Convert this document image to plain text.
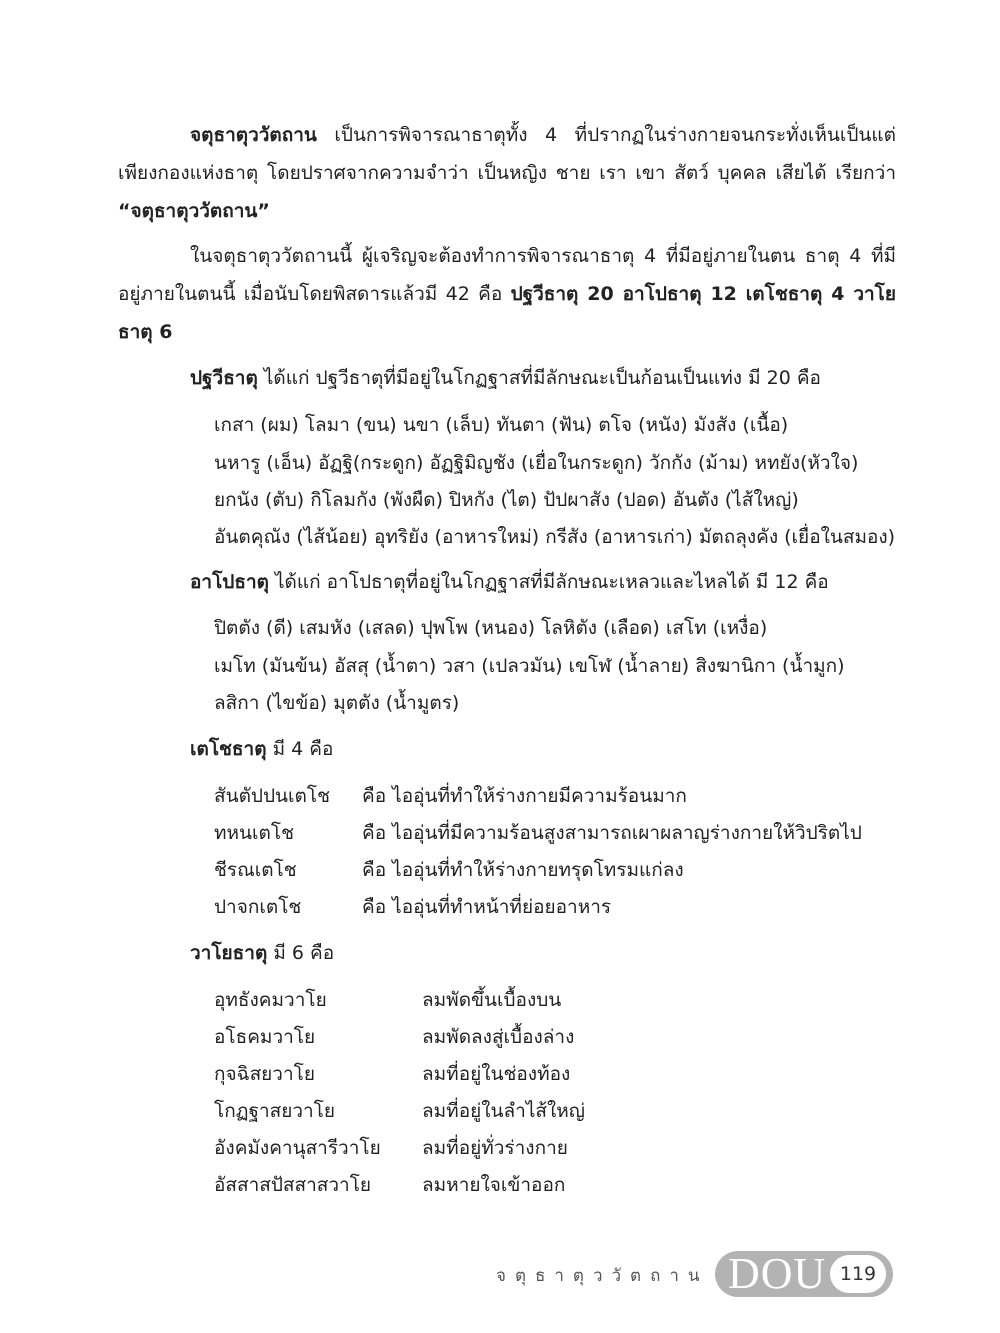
จตุธาตุววัตถาน เป็นการพิจารณาธาตุทั้ง 4 ที่ปรากฏในร่างกายจนกระทั่งเห็นเป็นแต่เพียงกองแห่งธาตุ โดยปราศจากความจำว่า เป็นหญิง ชาย เรา เขา สัตว์ บุคคล เสียได้ เรียกว่า “จตุธาตุววัตถาน”

ในจตุธาตุววัตถานนี้ ผู้เจริญจะต้องทำการพิจารณาธาตุ 4 ที่มีอยู่ภายในตน ธาตุ 4 ที่มีอยู่ภายในตนนี้ เมื่อนับโดยพิสดารแล้วมี 42 คือ ปฐวีธาตุ 20 อาโปธาตุ 12 เตโชธาตุ 4 วาโยธาตุ 6

ปฐวีธาตุ ได้แก่ ปฐวีธาตุที่มีอยู่ในโกฏฐาสที่มีลักษณะเป็นก้อนเป็นแท่ง มี 20 คือ
เกสา (ผม) โลมา (ขน) นขา (เล็บ) ทันตา (ฟัน) ตโจ (หนัง) มังสัง (เนื้อ)
นหารู (เอ็น) อัฏฐิ(กระดูก) อัฏฐิมิญชัง (เยื่อในกระดูก) วักกัง (ม้าม) หทยัง(หัวใจ)
ยกนัง (ตับ) กิโลมกัง (พังผืด) ปิหกัง (ไต) ปัปผาสัง (ปอด) อันตัง (ไส้ใหญ่)
อันตคุณัง (ไส้น้อย) อุทริยัง (อาหารใหม่) กรีสัง (อาหารเก่า) มัตถลุงคัง (เยื่อในสมอง)
อาโปธาตุ ได้แก่ อาโปธาตุที่อยู่ในโกฏฐาสที่มีลักษณะเหลวและไหลได้ มี 12 คือ
ปิตตัง (ดี) เสมหัง (เสลด) ปุพโพ (หนอง) โลหิตัง (เลือด) เสโท (เหงื่อ)
เมโท (มันข้น) อัสสุ (น้ำตา) วสา (เปลวมัน) เขโฬ (น้ำลาย) สิงฆานิกา (น้ำมูก)
ลสิกา (ไขข้อ) มุตตัง (น้ำมูตร)
เตโชธาตุ มี 4 คือ
สันตัปปนเตโช คือ ไออุ่นที่ทำให้ร่างกายมีความร้อนมาก
ทหนเตโช	คือ ไออุ่นที่มีความร้อนสูงสามารถเผาผลาญร่างกายให้วิปริตไป
ชีรณเตโช	คือ ไออุ่นที่ทำให้ร่างกายทรุดโทรมแก่ลง
ปาจกเตโช	คือ ไออุ่นที่ทำหน้าที่ย่อยอาหาร
วาโยธาตุ มี 6 คือ
อุทธังคมวาโย	ลมพัดขึ้นเบื้องบน
อโธคมวาโย	ลมพัดลงสู่เบื้องล่าง
กุจฉิสยวาโย	ลมที่อยู่ในช่องท้อง
โกฏฐาสยวาโย	ลมที่อยู่ในลำไส้ใหญ่
อังคมังคานุสารีวาโย ลมที่อยู่ทั่วร่างกาย
อัสสาสปัสสาสวาโย	ลมหายใจเข้าออก
จตุธาตุววัตถาน DOU 119
